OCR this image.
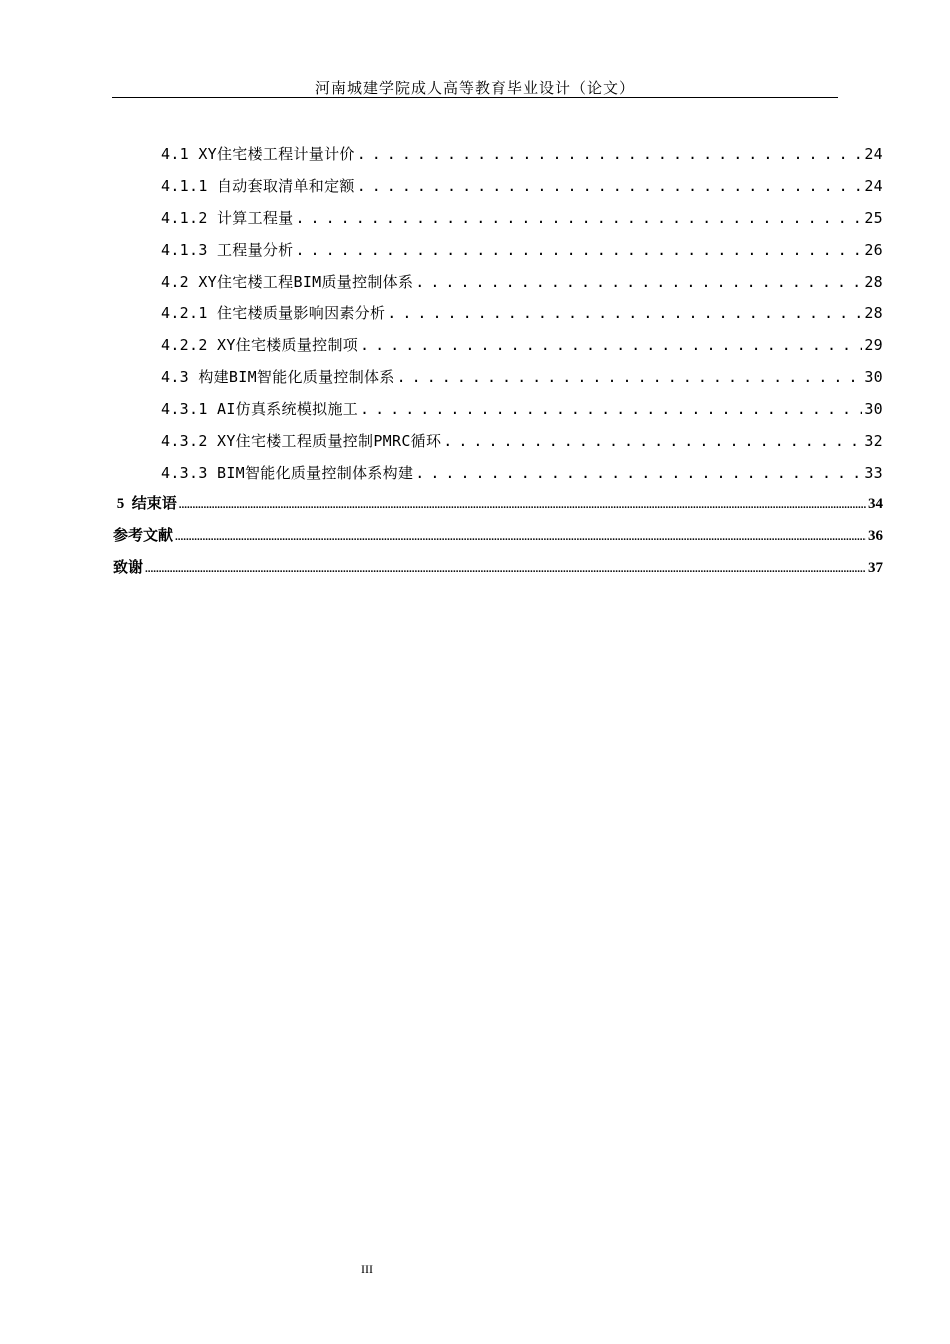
河南城建学院成人高等教育毕业设计（论文）
4.1 XY住宅楼工程计量计价 . . .	24
4.1.1 自动套取清单和定额 . . .	24
4.1.2 计算工程量 . . .	25
4.1.3 工程量分析 . . .	26
4.2 XY住宅楼工程BIM质量控制体系 . . .	28
4.2.1 住宅楼质量影响因素分析 . . .	28
4.2.2 XY住宅楼质量控制项 . . .	29
4.3 构建BIM智能化质量控制体系 . . .	30
4.3.1 AI仿真系统模拟施工 . . .	30
4.3.2 XY住宅楼工程质量控制PMRC循环 . . .	32
4.3.3 BIM智能化质量控制体系构建 . . .	33
5  结束语 .....	34
参考文献 .....	36
致谢 .....	37
III
